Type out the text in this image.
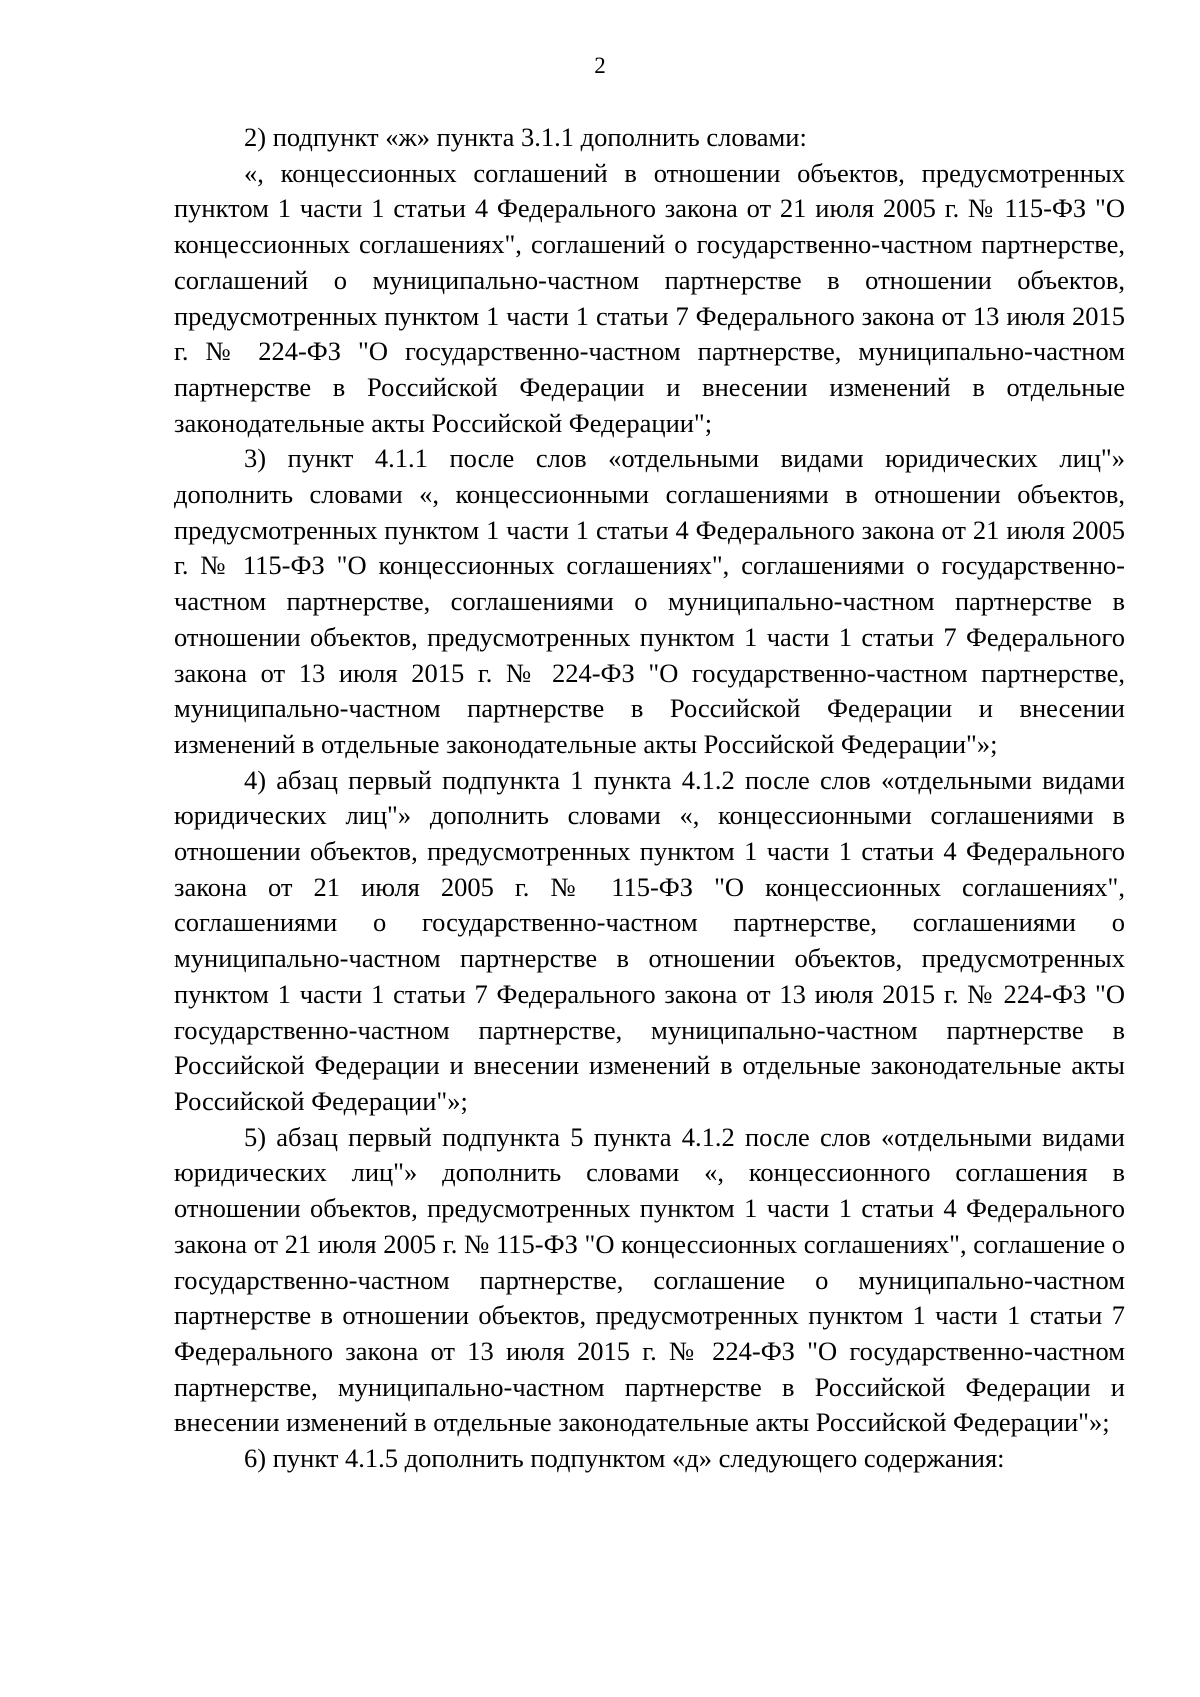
2

2) подпункт «ж» пункта 3.1.1 дополнить словами:

«, концессионных соглашений в отношении объектов, предусмотренных пунктом 1 части 1 статьи 4 Федерального закона от 21 июля 2005 г. № 115-ФЗ "О концессионных соглашениях", соглашений о государственно-частном партнерстве, соглашений о муниципально-частном партнерстве в отношении объектов, предусмотренных пунктом 1 части 1 статьи 7 Федерального закона от 13 июля 2015 г. № 224-ФЗ "О государственно-частном партнерстве, муниципально-частном партнерстве в Российской Федерации и внесении изменений в отдельные законодательные акты Российской Федерации";

3) пункт 4.1.1 после слов «отдельными видами юридических лиц"» дополнить словами «, концессионными соглашениями в отношении объектов, предусмотренных пунктом 1 части 1 статьи 4 Федерального закона от 21 июля 2005 г. № 115-ФЗ "О концессионных соглашениях", соглашениями о государственно-частном партнерстве, соглашениями о муниципально-частном партнерстве в отношении объектов, предусмотренных пунктом 1 части 1 статьи 7 Федерального закона от 13 июля 2015 г. № 224-ФЗ "О государственно-частном партнерстве, муниципально-частном партнерстве в Российской Федерации и внесении изменений в отдельные законодательные акты Российской Федерации"»;

4) абзац первый подпункта 1 пункта 4.1.2 после слов «отдельными видами юридических лиц"» дополнить словами «, концессионными соглашениями в отношении объектов, предусмотренных пунктом 1 части 1 статьи 4 Федерального закона от 21 июля 2005 г. № 115-ФЗ "О концессионных соглашениях", соглашениями о государственно-частном партнерстве, соглашениями о муниципально-частном партнерстве в отношении объектов, предусмотренных пунктом 1 части 1 статьи 7 Федерального закона от 13 июля 2015 г. № 224-ФЗ "О государственно-частном партнерстве, муниципально-частном партнерстве в Российской Федерации и внесении изменений в отдельные законодательные акты Российской Федерации"»;

5) абзац первый подпункта 5 пункта 4.1.2 после слов «отдельными видами юридических лиц"» дополнить словами «, концессионного соглашения в отношении объектов, предусмотренных пунктом 1 части 1 статьи 4 Федерального закона от 21 июля 2005 г. № 115-ФЗ "О концессионных соглашениях", соглашение о государственно-частном партнерстве, соглашение о муниципально-частном партнерстве в отношении объектов, предусмотренных пунктом 1 части 1 статьи 7 Федерального закона от 13 июля 2015 г. № 224-ФЗ "О государственно-частном партнерстве, муниципально-частном партнерстве в Российской Федерации и внесении изменений в отдельные законодательные акты Российской Федерации"»;

6) пункт 4.1.5 дополнить подпунктом «д» следующего содержания:
